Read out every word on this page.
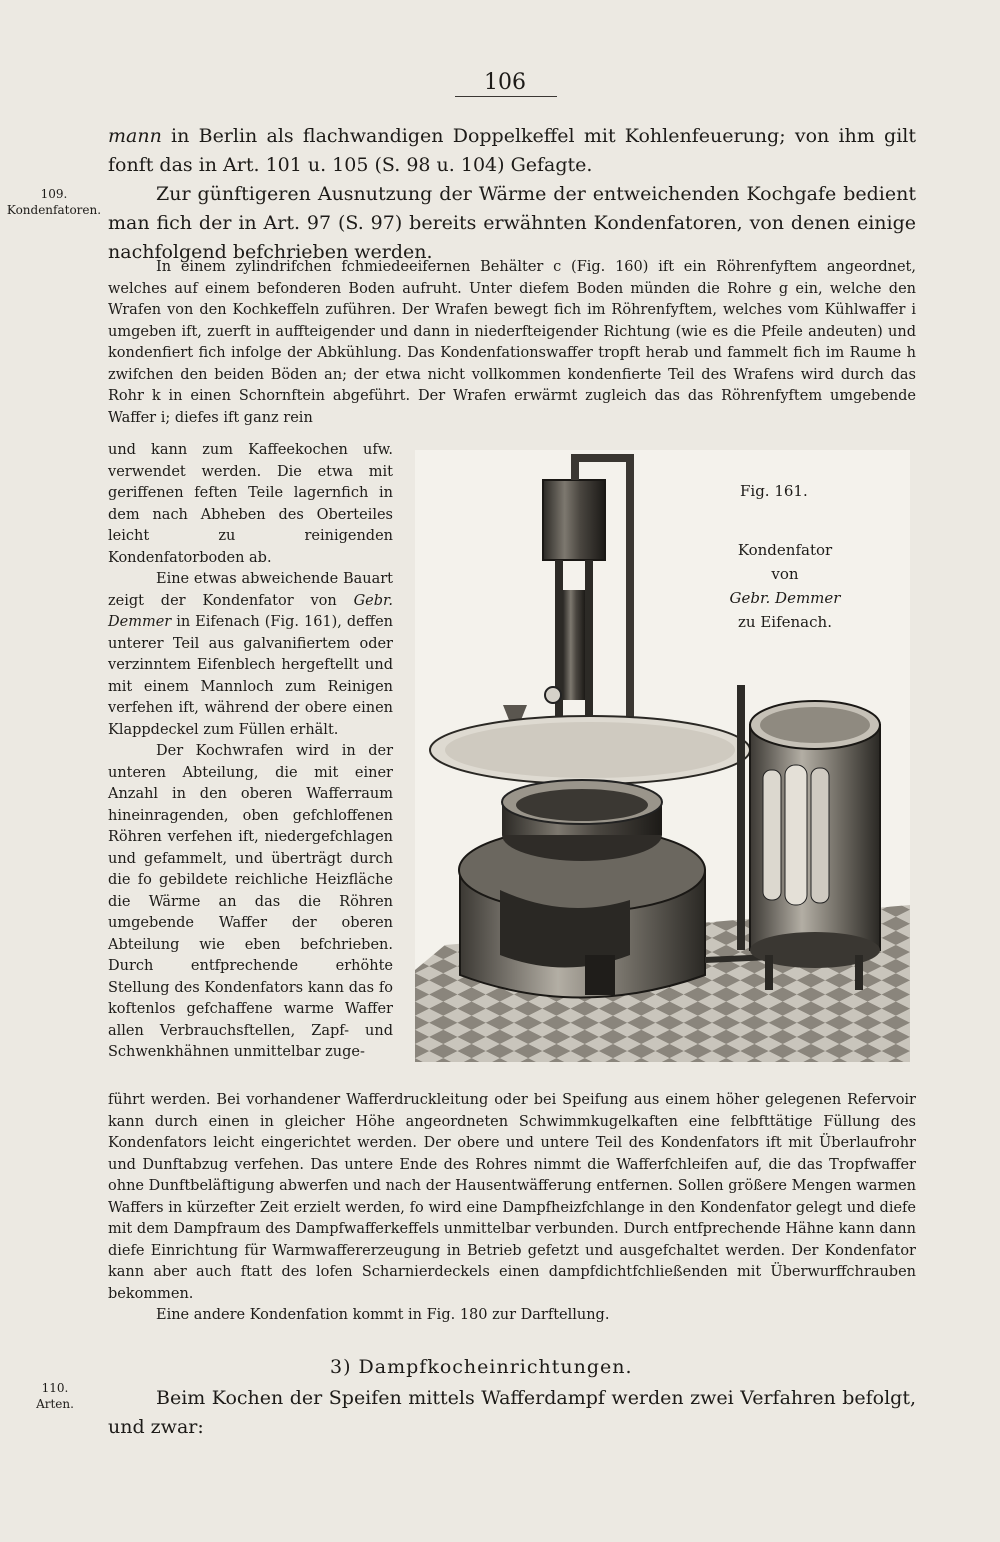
106
109.
Kondenfatoren.

mann in Berlin als flachwandigen Doppelkeffel mit Kohlenfeuerung; von ihm gilt fonft das in Art. 101 u. 105 (S. 98 u. 104) Gefagte.

Zur günftigeren Ausnutzung der Wärme der entweichenden Kochgafe bedient man fich der in Art. 97 (S. 97) bereits erwähnten Kondenfatoren, von denen einige nachfolgend befchrieben werden.

In einem zylindrifchen fchmiedeeifernen Behälter c (Fig. 160) ift ein Röhrenfyftem angeordnet, welches auf einem befonderen Boden aufruht. Unter diefem Boden münden die Rohre g ein, welche den Wrafen von den Kochkeffeln zuführen. Der Wrafen bewegt fich im Röhrenfyftem, welches vom Kühlwaffer i umgeben ift, zuerft in auffteigender und dann in niederfteigender Richtung (wie es die Pfeile andeuten) und kondenfiert fich infolge der Abkühlung. Das Kondenfationswaffer tropft herab und fammelt fich im Raume h zwifchen den beiden Böden an; der etwa nicht vollkommen kondenfierte Teil des Wrafens wird durch das Rohr k in einen Schornftein abgeführt. Der Wrafen erwärmt zugleich das das Röhrenfyftem umgebende Waffer i; diefes ift ganz rein

und kann zum Kaffeekochen ufw. verwendet werden. Die etwa mit geriffenen feften Teile lagernfich in dem nach Abheben des Oberteiles leicht zu reinigenden Kondenfatorboden ab.

Eine etwas abweichende Bauart zeigt der Kondenfator von Gebr. Demmer in Eifenach (Fig. 161), deffen unterer Teil aus galvanifiertem oder verzinntem Eifenblech hergeftellt und mit einem Mannloch zum Reinigen verfehen ift, während der obere einen Klappdeckel zum Füllen erhält.

Der Kochwrafen wird in der unteren Abteilung, die mit einer Anzahl in den oberen Wafferraum hineinragenden, oben gefchloffenen Röhren verfehen ift, niedergefchlagen und gefammelt, und überträgt durch die fo gebildete reichliche Heizfläche die Wärme an das die Röhren umgebende Waffer der oberen Abteilung wie eben befchrieben. Durch entfprechende erhöhte Stellung des Kondenfators kann das fo koftenlos gefchaffene warme Waffer allen Verbrauchsftellen, Zapf- und Schwenkhähnen unmittelbar zuge-

Fig. 161.
Kondenfator
von
Gebr. Demmer
zu Eifenach.

führt werden. Bei vorhandener Wafferdruckleitung oder bei Speifung aus einem höher gelegenen Refervoir kann durch einen in gleicher Höhe angeordneten Schwimmkugelkaften eine felbfttätige Füllung des Kondenfators leicht eingerichtet werden. Der obere und untere Teil des Kondenfators ift mit Überlaufrohr und Dunftabzug verfehen. Das untere Ende des Rohres nimmt die Wafferfchleifen auf, die das Tropfwaffer ohne Dunftbeläftigung abwerfen und nach der Hausentwäfferung entfernen. Sollen größere Mengen warmen Waffers in kürzefter Zeit erzielt werden, fo wird eine Dampfheizfchlange in den Kondenfator gelegt und diefe mit dem Dampfraum des Dampfwafferkeffels unmittelbar verbunden. Durch entfprechende Hähne kann dann diefe Einrichtung für Warmwaffererzeugung in Betrieb gefetzt und ausgefchaltet werden. Der Kondenfator kann aber auch ftatt des lofen Scharnierdeckels einen dampfdichtfchließenden mit Überwurffchrauben bekommen.

Eine andere Kondenfation kommt in Fig. 180 zur Darftellung.

3) Dampfkocheinrichtungen.
110.
Arten.	Beim Kochen der Speifen mittels Wafferdampf werden zwei Verfahren befolgt, und zwar:
